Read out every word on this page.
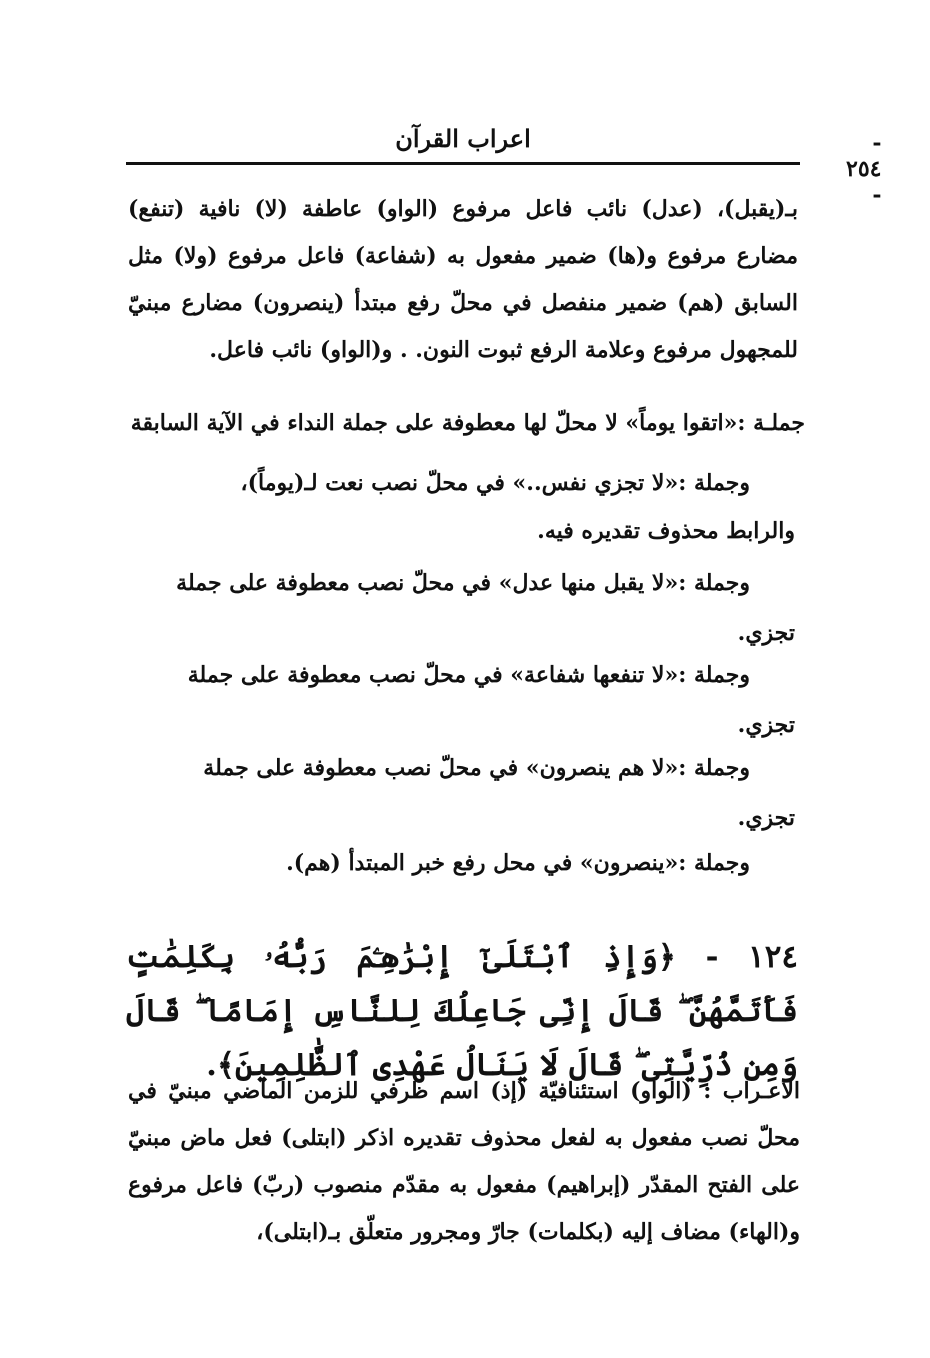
اعراب القرآن	- ٢٥٤ -
بـ(يقبل)، (عدل) نائب فاعل مرفوع (الواو) عاطفة (لا) نافية (تنفع) مضارع مرفوع و(ها) ضمير مفعول به (شفاعة) فاعل مرفوع (ولا) مثل السابق (هم) ضمير منفصل في محلّ رفع مبتدأ (ينصرون) مضارع مبنيّ للمجهول مرفوع وعلامة الرفع ثبوت النون. . و(الواو) نائب فاعل.
جملـة :«اتقوا يوماً» لا محلّ لها معطوفة على جملة النداء في الآية السابقة
وجملة :«لا تجزي نفس..» في محلّ نصب نعت لـ(يوماً)،
والرابط محذوف تقديره فيه.
وجملة :«لا يقبل منها عدل» في محلّ نصب معطوفة على جملة
تجزي.
وجملة :«لا تنفعها شفاعة» في محلّ نصب معطوفة على جملة
تجزي.
وجملة :«لا هم ينصرون» في محلّ نصب معطوفة على جملة
تجزي.
وجملة :«ينصرون» في محل رفع خبر المبتدأ (هم).
١٢٤ - ﴿وَإِذِ ٱبْتَلَىٰٓ إِبْرَٰهِـۧمَ رَبُّهُۥ بِكَلِمَٰتٍ فَأَتَمَّهُنَّ ۖ قَالَ إِنِّى جَاعِلُكَ لِلنَّاسِ إِمَامًا ۖ قَالَ وَمِن ذُرِّيَّتِى ۖ قَالَ لَا يَنَالُ عَهْدِى ٱلظَّٰلِمِينَ﴾.
الاعـراب : (الواو) استئنافيّة (إذ) اسم ظرفي للزمن الماضي مبنيّ في محلّ نصب مفعول به لفعل محذوف تقديره اذكر (ابتلى) فعل ماض مبنيّ على الفتح المقدّر (إبراهيم) مفعول به مقدّم منصوب (ربّ) فاعل مرفوع و(الهاء) مضاف إليه (بكلمات) جارّ ومجرور متعلّق بـ(ابتلى)،
